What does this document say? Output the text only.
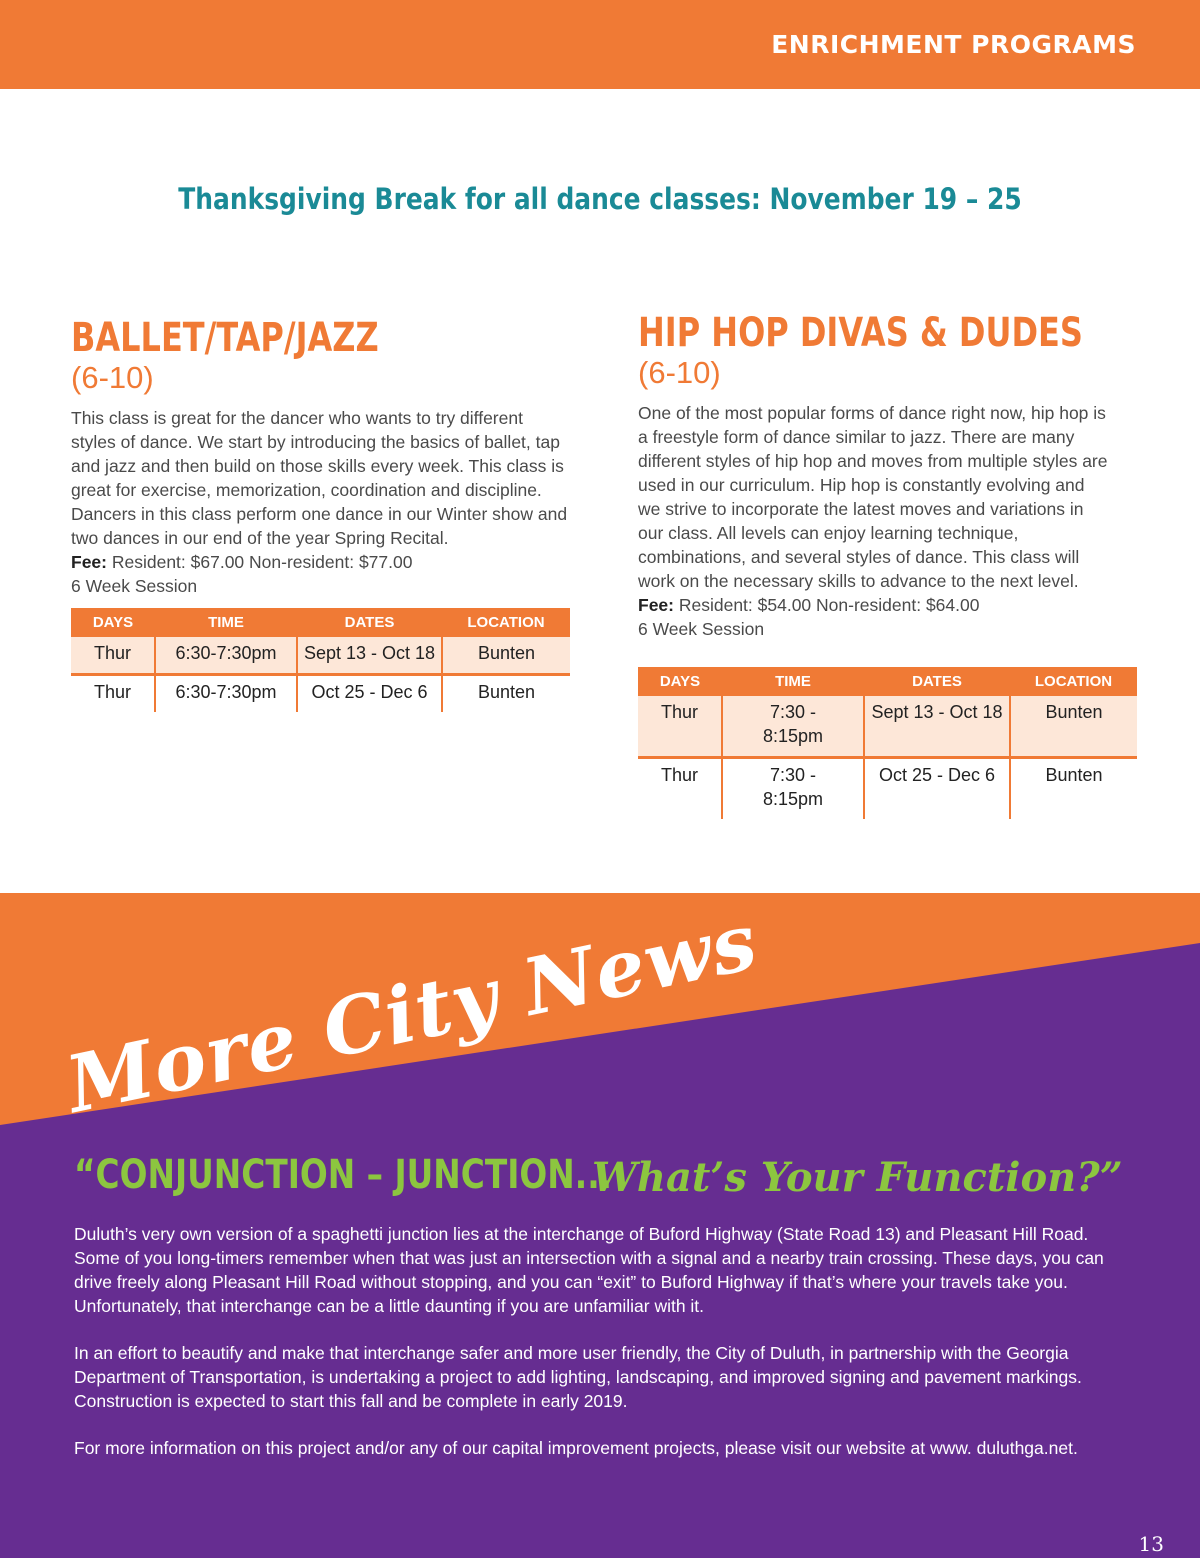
ENRICHMENT PROGRAMS
Thanksgiving Break for all dance classes: November 19 – 25
BALLET/TAP/JAZZ
(6-10)
This class is great for the dancer who wants to try different styles of dance. We start by introducing the basics of ballet, tap and jazz and then build on those skills every week. This class is great for exercise, memorization, coordination and discipline. Dancers in this class perform one dance in our Winter show and two dances in our end of the year Spring Recital.
Fee: Resident: $67.00 Non-resident: $77.00
6 Week Session
DAYS	TIME	DATES	LOCATION
Thur	6:30-7:30pm	Sept 13 - Oct 18	Bunten
Thur	6:30-7:30pm	Oct 25 - Dec 6	Bunten
HIP HOP DIVAS & DUDES
(6-10)
One of the most popular forms of dance right now, hip hop is a freestyle form of dance similar to jazz. There are many different styles of hip hop and moves from multiple styles are used in our curriculum. Hip hop is constantly evolving and we strive to incorporate the latest moves and variations in our class. All levels can enjoy learning technique, combinations, and several styles of dance. This class will work on the necessary skills to advance to the next level.
Fee: Resident: $54.00 Non-resident: $64.00
6 Week Session
DAYS	TIME	DATES	LOCATION
Thur	7:30 - 8:15pm	Sept 13 - Oct 18	Bunten
Thur	7:30 - 8:15pm	Oct 25 - Dec 6	Bunten
More City News
“CONJUNCTION – JUNCTION...
What’s Your Function?”
Duluth’s very own version of a spaghetti junction lies at the interchange of Buford Highway (State Road 13) and Pleasant Hill Road. Some of you long-timers remember when that was just an intersection with a signal and a nearby train crossing. These days, you can drive freely along Pleasant Hill Road without stopping, and you can “exit” to Buford Highway if that’s where your travels take you. Unfortunately, that interchange can be a little daunting if you are unfamiliar with it.
In an effort to beautify and make that interchange safer and more user friendly, the City of Duluth, in partnership with the Georgia Department of Transportation, is undertaking a project to add lighting, landscaping, and improved signing and pavement markings. Construction is expected to start this fall and be complete in early 2019.
For more information on this project and/or any of our capital improvement projects, please visit our website at www. duluthga.net.
13
